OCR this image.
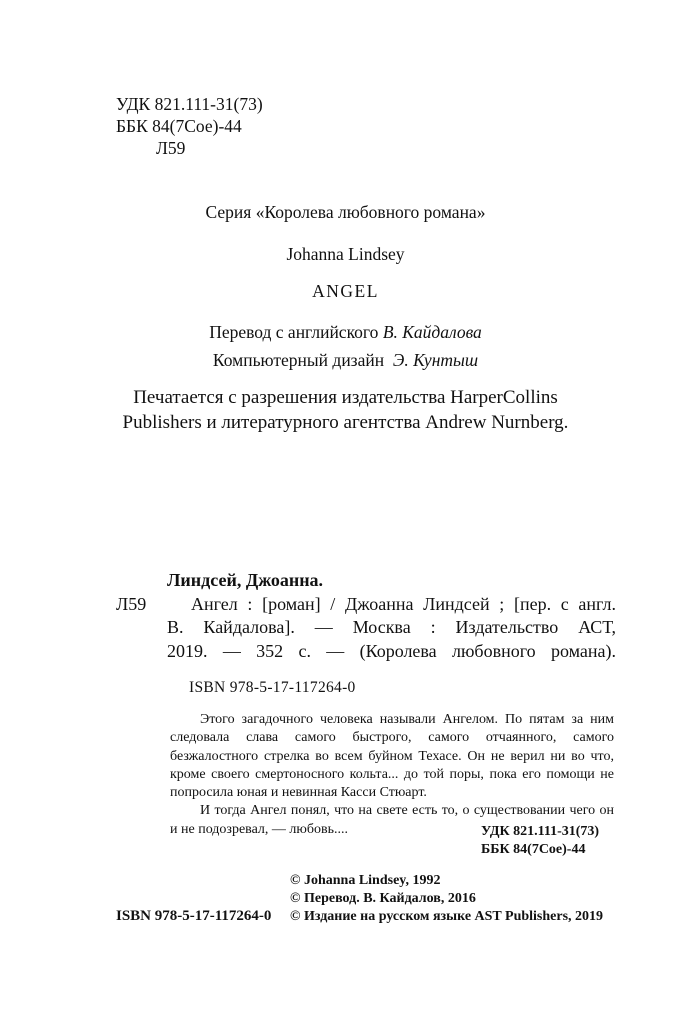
УДК 821.111-31(73)
ББК 84(7Сое)-44
Л59
Серия «Королева любовного романа»
Johanna Lindsey
ANGEL
Перевод с английского В. Кайдалова
Компьютерный дизайн Э. Кунтыш
Печатается с разрешения издательства HarperCollins
Publishers и литературного агентства Andrew Nurnberg.
Линдсей, Джоанна.
Л59	Ангел : [роман] / Джоанна Линдсей ; [пер. с англ.
В. Кайдалова]. — Москва : Издательство АСТ,
2019. — 352 с. — (Королева любовного романа).
ISBN 978-5-17-117264-0

Этого загадочного человека называли Ангелом. По пятам за ним следовала слава самого быстрого, самого отчаянного, самого безжалостного стрелка во всем буйном Техасе. Он не верил ни во что, кроме своего смертоносного кольта... до той поры, пока его помощи не попросила юная и невинная Касси Стюарт.

И тогда Ангел понял, что на свете есть то, о существовании чего он и не подозревал, — любовь....	УДК 821.111-31(73)
ББК 84(7Сое)-44
© Johanna Lindsey, 1992
© Перевод. В. Кайдалов, 2016
© Издание на русском языке AST Publishers, 2019
ISBN 978-5-17-117264-0
